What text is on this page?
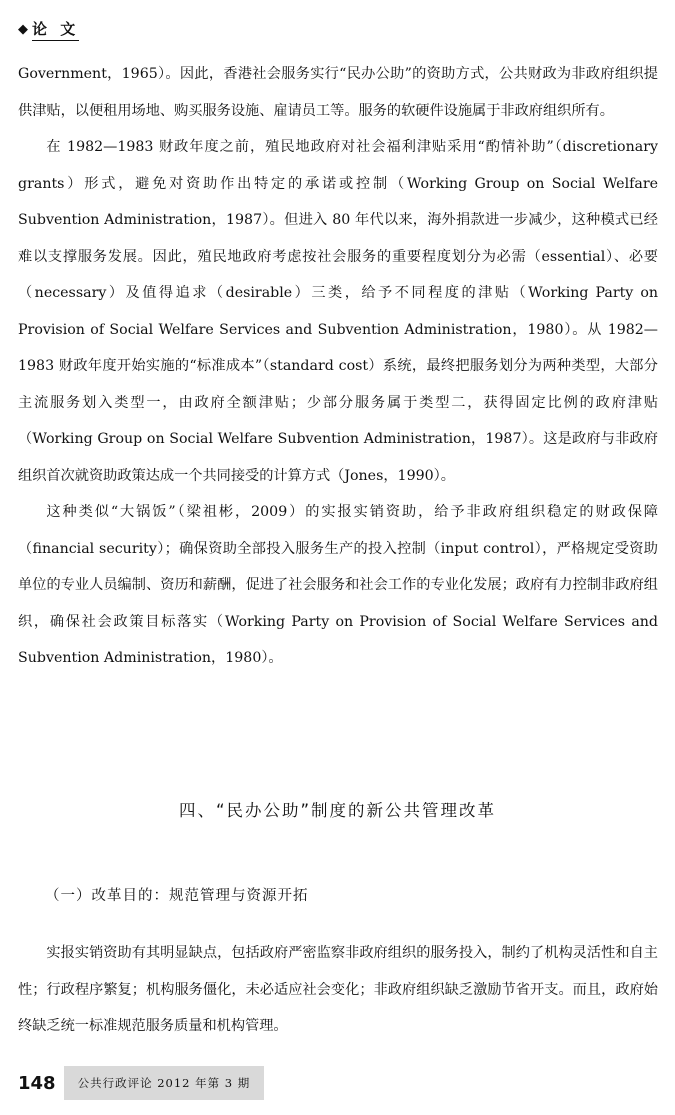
◆ 论 文

Government，1965）。因此，香港社会服务实行“民办公助”的资助方式，公共财政为非政府组织提供津贴，以便租用场地、购买服务设施、雇请员工等。服务的软硬件设施属于非政府组织所有。

在 1982—1983 财政年度之前，殖民地政府对社会福利津贴采用“酌情补助”（discretionary grants）形式，避免对资助作出特定的承诺或控制（Working Group on Social Welfare Subvention Administration，1987）。但进入 80 年代以来，海外捐款进一步减少，这种模式已经难以支撑服务发展。因此，殖民地政府考虑按社会服务的重要程度划分为必需（essential）、必要（necessary）及值得追求（desirable）三类，给予不同程度的津贴（Working Party on Provision of Social Welfare Services and Subvention Administration，1980）。从 1982—1983 财政年度开始实施的“标准成本”（standard cost）系统，最终把服务划分为两种类型，大部分主流服务划入类型一，由政府全额津贴；少部分服务属于类型二，获得固定比例的政府津贴（Working Group on Social Welfare Subvention Administration，1987）。这是政府与非政府组织首次就资助政策达成一个共同接受的计算方式（Jones，1990）。

这种类似“大锅饭”（梁祖彬，2009）的实报实销资助，给予非政府组织稳定的财政保障（financial security）；确保资助全部投入服务生产的投入控制（input control），严格规定受资助单位的专业人员编制、资历和薪酬，促进了社会服务和社会工作的专业化发展；政府有力控制非政府组织，确保社会政策目标落实（Working Party on Provision of Social Welfare Services and Subvention Administration，1980）。

四、“民办公助”制度的新公共管理改革
（一）改革目的：规范管理与资源开拓

实报实销资助有其明显缺点，包括政府严密监察非政府组织的服务投入，制约了机构灵活性和自主性；行政程序繁复；机构服务僵化，未必适应社会变化；非政府组织缺乏激励节省开支。而且，政府始终缺乏统一标准规范服务质量和机构管理。

148	公共行政评论 2012 年第 3 期
